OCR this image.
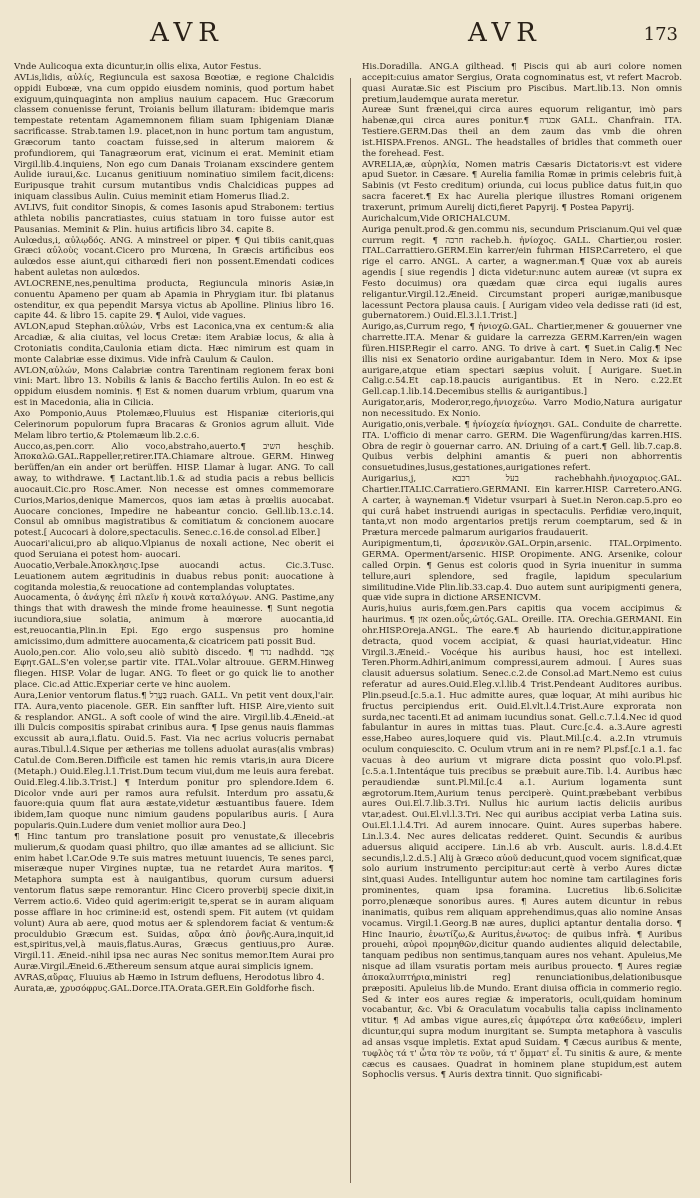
AVR	AVR	173

Vnde Aulicoqua exta dicuntur,in ollis elixa, Autor Festus.

AVLis,lidis, αὐλίς, Regiuncula est saxosa Bœotiæ, e regione Chalcidis oppidi Eubœæ, vna cum oppido eiusdem nominis, quod portum habet exiguum,quinquaginta non amplius nauium capacem. Huc Græcorum classem conuenisse ferunt, Troianis bellum illaturam: ibidemque maris tempestate retentam Agamemnonem filiam suam Iphigeniam Dianæ sacrificasse. Strab.tamen l.9. placet,non in hunc portum tam angustum, Græcorum tanto coactam fuisse,sed in alterum maiorem & profundiorem, qui Tanagræorum erat, vicinum ei erat. Meminit etiam Virgil.lib.4.inquiens, Non ego cum Danais Troianam exscindere gentem Aulide iuraui,&c. Lucanus genitiuum nominatiuo similem facit,dicens: Euripusque trahit cursum mutantibus vndis Chalcidicas puppes ad iniquam classibus Aulin. Cuius meminit etiam Homerus Iliad.2.

AVLIVS, fuit conditor Sinopis, & comes Iasonis apud Strabonem: tertius athleta nobilis pancratiastes, cuius statuam in toro fuisse autor est Pausanias. Meminit & Plin. huius artificis libro 34. capite 8.

Aulœdus,i, αὐλῳδός. ANG. A minstreel or piper. ¶ Qui tibiis canit,quas Græci αὐλοὺς vocant.Cicero pro Murœna, In Græcis artificibus eos aulœdos esse aiunt,qui citharœdi fieri non possent.Emendati codices habent auletas non aulœdos.

AVLOCRENE,nes,penultima producta, Regiuncula minoris Asiæ,in conuentu Apameno per quam ab Apamia in Phrygiam itur. Ibi platanus ostenditur, ex qua pependit Marsya victus ab Apolline. Plinius libro 16. capite 44. & libro 15. capite 29. ¶ Auloi, vide vagues.

AVLON,apud Stephan.αὐλών, Vrbs est Laconica,vna ex centum:& alia Arcadiæ, & alia ciuitas, vel locus Cretæ: item Arabiæ locus, & alia à Crotoniatis condita,Caulonia etiam dicta. Hæc nimirum est quam in monte Calabriæ esse diximus. Vide infrà Caulum & Caulon.

AVLON,αὐλών, Mons Calabriæ contra Tarentinam regionem ferax boni vini: Mart. libro 13. Nobilis & lanis & Baccho fertilis Aulon. In eo est & oppidum eiusdem nominis. ¶ Est & nomen duarum vrbium, quarum vna est in Macedonia, alia in Cilicia.

Axo Pomponio,Auus Ptolemæo,Fluuius est Hispaniæ citerioris,qui Celerinorum populorum fupra Bracaras & Gronios agrum alluit. Vide Melam libro tertio,& Ptolemæum lib.2.c.6.

Aucco,as,pen.corr. Alio voco,abstraho,auerto.¶ השיב hesçhib. Ἀποκαλῶ.GAL.Rappeller,retirer.ITA.Chiamare altroue. GERM. Hinweg berüffen/an ein ander ort berüffen. HISP. Llamar à lugar. ANG. To call away, to withdrawe. ¶ Lactant.lib.1.& ad studia pacis a rebus bellicis auocauit.Cic.pro Rosc.Amer. Non necesse est omnes commemorare Curios,Marios,denique Mamercos, quos iam ætas à prœliis auocabat. Auocare conciones, Impedire ne habeantur concio. Gell.lib.13.c.14. Consul ab omnibus magistratibus & comitiatum & concionem auocare potest.[ Aucocari à dolore,spectaculis. Senec.c.16.de consol.ad Elber.]

Auocari'alicui,pro ab aliquo.Vlpianus de noxali actione, Nec oberit ei quod Seruiana ei potest hom- auocari.

Auocatio,Verbale.Ἀποκλησις.Ipse auocandi actus. Cic.3.Tusc. Leuationem autem ægritudinis in duabus rebus ponit: auocatione à cogitanda molestia,& reuocatione ad contemplandas voluptates.

Auocamenta, ὁ ἀνάγης ἐπὶ πλεῖν ἡ κοινὰ καταλόγων. ANG. Pastime,any things that with drawesh the minde frome heauinesse. ¶ Sunt negotia iucundiora,siue solatia, animum à mœrore auocantia,id est,reuocantia,Plin.in Epi. Ego ergo suspensus pro homine amicissimo,dum admittere auocamenta,& cicatricem pati possit Bud.

Auolo,pen.cor. Alio volo,seu aliò subitò discedo. ¶ נדד nadhdd. אָבַר Εφητ.GAL.S'en voler,se partir vite. ITAL.Volar altrouue. GERM.Hinweg fliegen. HISP. Volar de lugar. ANG. To fleet or go quick lie to another place. Cic.ad Attic.Experiar certe ve hinc auolem.

Aura,Lenior ventorum flatus.¶ בַּעֲרֵל ruach. GALL. Vn petit vent doux,l'air. ITA. Aura,vento piacenole. GER. Ein sanffter luft. HISP. Aire,viento suit & resplandor. ANGL. A soft coole of wind the aire. Virgil.lib.4.Æneid.-at illi Dulcis compositis spirabat crinibus aura. ¶ Ipse genus nauis flammas excussit ab aura,i.flatu. Ouid.5. Fast. Via nec acrius volucris pernabat auras.Tibul.l.4.Sique per ætherias me tollens aduolat auras(alis vmbras) Catul.de Com.Beren.Difficile est tamen hic remis vtaris,in aura Dicere (Metaph.) Ouid.Eleg.l.1.Trist.Dum tecum viui,dum me leuis aura ferebat. Ouid.Eleg.4.lib.3.Trist.] ¶ Interdum ponitur pro splendore.Idem 6. Dicolor vnde auri per ramos aura refulsit. Interdum pro assatu,& fauore:quia quum flat aura æstate,videtur æstuantibus fauere. Idem ibidem,Iam quoque nunc nimium gaudens popularibus auris. [ Aura popularis.Quin.Ludere dum veniet mollior aura Deo.]

¶ Hinc tantum pro translatione posuit pro venustate,& illecebris mulierum,& quodam quasi philtro, quo illæ amantes ad se alliciunt. Sic enim habet l.Car.Ode 9.Te suis matres metuunt iuuencis, Te senes parci, miseræque nuper Virgines nuptæ, tua ne retardet Aura maritos. ¶ Metaphora sumpta est à nauigantibus, quorum cursum aduersi ventorum flatus sæpe remorantur. Hinc Cicero proverbij specie dixit,in Verrem actio.6. Video quid agerim:erigit te,sperat se in auram aliquam posse afflare in hoc crimine:id est, ostendi spem. Fit autem (vt quidam volunt) Aura ab aere, quod motus aer & splendorem faciat & ventum:& proculdubio Græcum est. Suidas, αὔρα ἀπὸ ῥονῆς.Aura,inquit,id est,spiritus,vel,à mauis,flatus.Auras, Græcus gentiuus,pro Auræ. Virgil.11. Æneid.-nihil ipsa nec auras Nec sonitus memor.Item Aurai pro Auræ.Virgil.Æneid.6.Æthereum sensum atque aurai simplicis ignem.

AVRAS,αὔρας, Fluuius ab Hæmo in Istrum defluens, Herodotus libro 4.

Aurata,æ, χρυσόφρυς.GAL.Dorce.ITA.Orata.GER.Ein Goldforhe fisch.

His.Doradilla. ANG.A gilthead. ¶ Piscis qui ab auri colore nomen accepit:cuius amator Sergius, Orata cognominatus est, vt refert Macrob. quasi Auratæ.Sic est Piscium pro Piscibus. Mart.lib.13. Non omnis pretium,laudemque aurata meretur.

Aureæ Sunt frænei,qui circa aures equorum religantur, imò pars habenæ,qui circa aures ponitur.¶ אבגדה GALL. Chanfrain. ITA. Testiere.GERM.Das theil an dem zaum das vmb die ohren ist.HISPA.Frenos. ANGL. The headstalles of bridles that commeth ouer the forehead. Fest.

AVRELIA,æ, αὐρηλία, Nomen matris Cæsaris Dictatoris:vt est videre apud Suetor. in Cæsare. ¶ Aurelia familia Romæ in primis celebris fuit,à Sabinis (vt Festo creditum) oriunda, cui locus publice datus fuit,in quo sacra faceret.¶ Ex hac Aurelia plerique illustres Romani origenem traxerunt, primum Aurelij dicti,fieret Papyrij. ¶ Postea Papyrij.

Aurichalcum,Vide ORICHALCUM.

Auriga penult.prod.& gen.commu nis, secundum Priscianum.Qui vel quæ currum regit. ¶ חרבה racheb.h. ἡνίοχος. GALL. Chartier,ou rosier. ITAL.Carrattiero.GERM.Ein karrer/ein fuhrman HISP.Carretero, el que rige el carro. ANGL. A carter, a wagner.man.¶ Quæ vox ab aureis agendis [ siue regendis ] dicta videtur:nunc autem aureæ (vt supra ex Festo docuimus) ora quædam quæ circa equi iugalis aures religantur.Virgil.12.Æneid. Circumstant properi aurigæ,manibusque lacessunt Pectora plausa cauis. [ Aurigam video vela dedisse rati (id est, gubernatorem.) Ouid.El.3.l.1.Trist.]

Aurigo,as,Currum rego, ¶ ἡνιοχῶ.GAL. Chartier,mener & gouuerner vne charrette.IT.A. Menar & guidare la carrezza GERM.Karren/ein wagen füren.HISP.Regir el carro. ANG. To drive à cart. ¶ Suet.in Calig.¶ Nec illis nisi ex Senatorio ordine aurigabantur. Idem in Nero. Mox & ipse aurigare,atque etiam spectari sæpius voluit. [ Aurigare. Suet.in Calig.c.54.Et cap.18.paucis aurigantibus. Et in Nero. c.22.Et Gell.cap.1.lib.14.Decemibus stellis & aurigantibus.]

Aurigator,aris, Moderor,rego,ἡνιοχεύω. Varro Modio,Natura aurigatur non necessitudo. Ex Nonio.

Aurigatio,onis,verbale. ¶ ἡνίοχεία ἡνίοχησι. GAL. Conduite de charrette. ITA. L'officio di menar carro. GERM. Die Wagenfürung/das karren.HIS. Obra de regir ò gouernar carro. AN. Driuing of a cart.¶ Gell. lib.7.cap.8. Quibus verbis delphini amantis & pueri non abhorrentis consuetudines,lusus,gestationes,aurigationes refert.

Aurigarius,j, בעל רכבא rachebhahh.ἡνιοχαριος.GAL. Chartier.ITALIC.Carratiero.GERMANI. Ein karrer.HISP. Carretero.ANG. A carter, à wayneman.¶ Videtur vsurpari à Suet.in Neron.cap.5.pro eo qui curâ habet instruendi aurigas in spectaculis. Perfidiæ vero,inquit, tanta,vt non modo argentarios pretijs rerum coemptarum, sed & in Prætura mercede palmarum aurigarios fraudauerit.

Auripigmentum,ti, ἀρσενικὸν.GAL.Orpin,arsenic. ITAL.Orpimento. GERMA. Operment/arsenic. HISP. Oropimente. ANG. Arsenike, colour called Orpin. ¶ Genus est coloris quod in Syria inuenitur in summa tellure,auri splendore, sed fragile, lapidum specularium similitudine.Vide Plin.lib.33.cap.4. Duo autem sunt auripigmenti genera, quæ vide supra in dictione ARSENICVM.

Auris,huius auris,fœm.gen.Pars capitis qua vocem accipimus & haurimus. ¶ אזן ozen.οὖς,ὠτός.GAL. Oreille. ITA. Orechia.GERMANI. Ein ohr.HISP.Oreja.ANGL. The eare.¶ Ab hauriendo dicitur,appiratione detracta, quod vocem accipiat, & quasi hauriat,videatur. Hinc Virgil.3.Æneid.- Vocéque his auribus hausi, hoc est intellexi. Teren.Phorm.Adhiri,animum compressi,aurem admoui. [ Aures suas clausit aduersus solatium. Senec.c.2.de Consol.ad Mart.Nemo est cuius referatur ad aures.Ouid.Eleg.v.l.lib.4 Trist.Pendeant Auditores auribus. Plin.pseud.[c.5.a.1. Huc admitte aures, quæ loquar, At mihi auribus hic fructus percipiendus erit. Ouid.El.vlt.l.4.Trist.Aure exprorata non surda,nec tacenti.Et ad animam iucundius sonat. Gell.c.7.l.4.Nec id quod fabulantur in aures in mittas tuas. Plaut. Curc.[c.4. a.3.Aure agresti esse,Habeo aures,loquere quid vis. Plaut.Mil.[c.4. a.2.In vtrumuis oculum conquiescito. C. Oculum vtrum ani in re nem? Pl.psf.[c.1 a.1. fac vacuas à deo aurium vt migrare dicta possint quo volo.Pl.psf.[c.5.a.1.Intentáque tuis precibus se præbuit aure.Tib. l.4. Auribus hæc peraudiendæ sunt.Pl.Mil.[c.4 a.1. Aurium logamenta sunt ægrotorum.Item,Aurium tenus perciperè. Quint.præbebant verbibus aures Oui.El.7.lib.3.Tri. Nullus hic aurium iactis deliciis auribus vtar,adest. Oui.El.vl.l.3.Tri. Nec qui auribus accipiat verba Latina suis. Oui.El.1.l.4.Tri. Ad aurem innocare. Quint. Aures superbas habere. Lin.l.3.4. Nec aures delicatas redderet. Quint. Secundis & auribus aduersus aliquid accipere. Lin.l.6 ab vrb. Auscult. auris. l.8.d.4.Et secundis,l.2.d.5.] Alij à Græco αὐοῦ deducunt,quod vocem significat,quæ solo aurium instrumento percipitur:aut certè à verbo Aures dictæ sint,quasi Audes. Intelliguntur autem hoc nomine tam cartilagines foris prominentes, quam ipsa foramina. Lucretius lib.6.Solicitæ porro,plenæque sonoribus aures. ¶ Aures autem dicuntur in rebus inanimatis, quibus rem aliquam apprehendimus,quas alio nomine Ansas vocamus. Virgil.1.Georg.B næ aures, duplici aptantur dentalia dorso. ¶ Hinc Inaurio, ἐνωτίζω,& Auritus,ἐνωτος: de quibus infrà. ¶ Auribus prouehi, αὐροὶ προμηθῶν,dicitur quando audientes aliquid delectabile, tanquam pedibus non sentimus,tanquam aures nos vehant. Apuleius,Me nisque ad illam vsuratis portam meis auribus prouecto. ¶ Aures regiæ ἀποκαλυπτήρια,ministri reg] renunciationibus,delationibusque præpositi. Apuleius lib.de Mundo. Erant diuisa officia in commerio regio. Sed & inter eos aures regiæ & imperatoris, oculi,quidam hominum vocabantur, &c. Vbi & Oraculatum vocabulis talia capiss inclinamento vtitur. ¶ Ad ambas vigue aures,εἰς ἀμφότερα ὦτα καθεύδειν, impleri dicuntur,qui supra modum inurgitant se. Sumpta metaphora à vasculis ad ansas vsque impletis. Extat apud Suidam. ¶ Cæcus auribus & mente, τυφλὸς τά τ' ὦτα τὸν τε νοῦν, τά τ' ὄμματ' εἶ. Tu sinitis & aure, & mente cæcus es causaes. Quadrat in hominem plane stupidum,est autem Sophoclis versus. ¶ Auris dextra tinnit. Quo significabi-
